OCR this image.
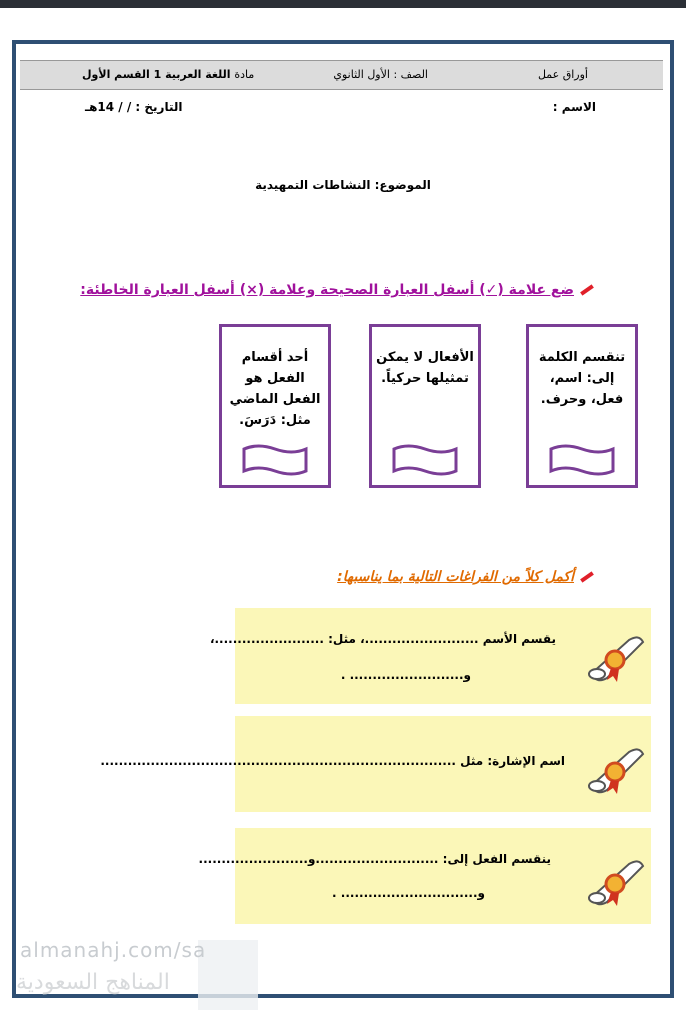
أوراق عمل
الصف : الأول الثانوي
مادة اللغة العربية 1 القسم الأول
الاسم :
التاريخ : / / 14هـ
الموضوع: النشاطات التمهيدية
ضع علامة (✓) أسفل العبارة الصحيحة وعلامة (×) أسفل العبارة الخاطئة:
تنقسم الكلمة إلى: اسم، فعل، وحرف.
الأفعال لا يمكن تمثيلها حركياً.
أحد أقسام الفعل هو الفعل الماضي مثل: دَرَسَ.
أكمل كلاً من الفراغات التالية بما يناسبها:
يقسم الأسم .........................، مثل: ........................،
و......................... .
اسم الإشارة: مثل ..............................................................................
ينقسم الفعل إلى: ...........................و........................
و.............................. .
almanahj.com/sa
المناهج السعودية
